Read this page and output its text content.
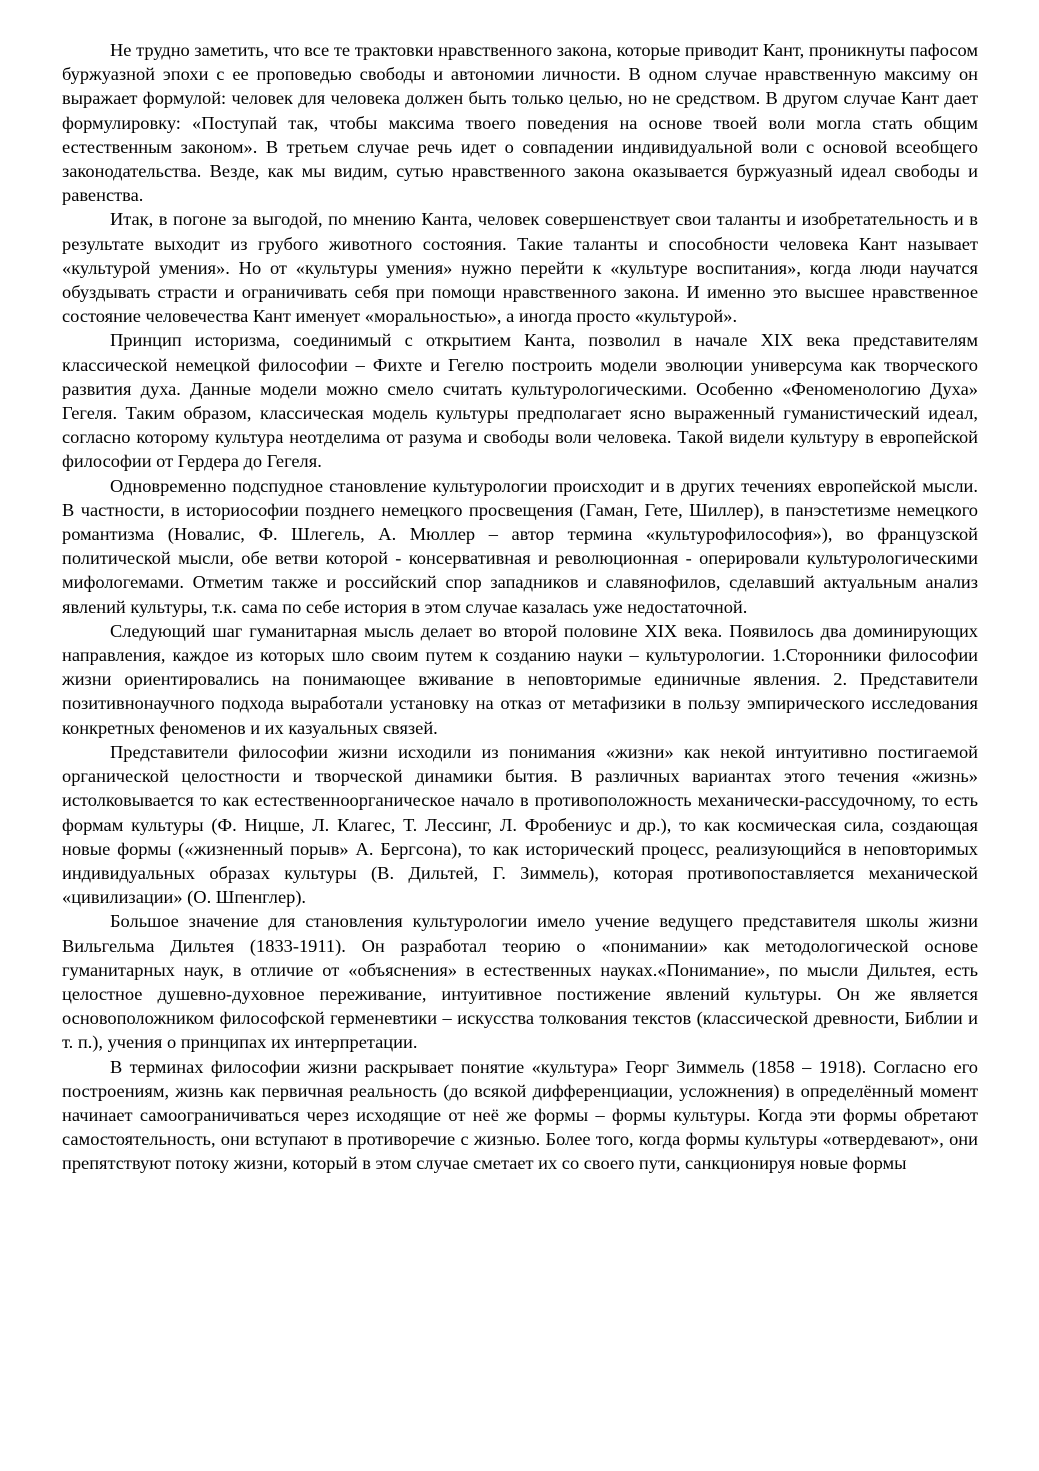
Не трудно заметить, что все те трактовки нравственного закона, которые приводит Кант, проникнуты пафосом буржуазной эпохи с ее проповедью свободы и автономии личности. В одном случае нравственную максиму он выражает формулой: человек для человека должен быть только целью, но не средством. В другом случае Кант дает формулировку: «Поступай так, чтобы максима твоего поведения на основе твоей воли могла стать общим естественным законом». В третьем случае речь идет о совпадении индивидуальной воли с основой всеобщего законодательства. Везде, как мы видим, сутью нравственного закона оказывается буржуазный идеал свободы и равенства.

Итак, в погоне за выгодой, по мнению Канта, человек совершенствует свои таланты и изобретательность и в результате выходит из грубого животного состояния. Такие таланты и способности человека Кант называет «культурой умения». Но от «культуры умения» нужно перейти к «культуре воспитания», когда люди научатся обуздывать страсти и ограничивать себя при помощи нравственного закона. И именно это высшее нравственное состояние человечества Кант именует «моральностью», а иногда просто «культурой».

Принцип историзма, соединимый с открытием Канта, позволил в начале XIX века представителям классической немецкой философии – Фихте и Гегелю построить модели эволюции универсума как творческого развития духа. Данные модели можно смело считать культурологическими. Особенно «Феноменологию Духа» Гегеля. Таким образом, классическая модель культуры предполагает ясно выраженный гуманистический идеал, согласно которому культура неотделима от разума и свободы воли человека. Такой видели культуру в европейской философии от Гердера до Гегеля.

Одновременно подспудное становление культурологии происходит и в других течениях европейской мысли. В частности, в историософии позднего немецкого просвещения (Гаман, Гете, Шиллер), в панэстетизме немецкого романтизма (Новалис, Ф. Шлегель, А. Мюллер – автор термина «культурофилософия»), во французской политической мысли, обе ветви которой - консервативная и революционная - оперировали культурологическими мифологемами. Отметим также и российский спор западников и славянофилов, сделавший актуальным анализ явлений культуры, т.к. сама по себе история в этом случае казалась уже недостаточной.

Следующий шаг гуманитарная мысль делает во второй половине XIX века. Появилось два доминирующих направления, каждое из которых шло своим путем к созданию науки – культурологии. 1.Сторонники философии жизни ориентировались на понимающее вживание в неповторимые единичные явления. 2. Представители позитивнонаучного подхода выработали установку на отказ от метафизики в пользу эмпирического исследования конкретных феноменов и их казуальных связей.

Представители философии жизни исходили из понимания «жизни» как некой интуитивно постигаемой органической целостности и творческой динамики бытия. В различных вариантах этого течения «жизнь» истолковывается то как естественноорганическое начало в противоположность механически-рассудочному, то есть формам культуры (Ф. Ницше, Л. Клагес, Т. Лессинг, Л. Фробениус и др.), то как космическая сила, создающая новые формы («жизненный порыв» А. Бергсона), то как исторический процесс, реализующийся в неповторимых индивидуальных образах культуры (В. Дильтей, Г. Зиммель), которая противопоставляется механической «цивилизации» (О. Шпенглер).

Большое значение для становления культурологии имело учение ведущего представителя школы жизни Вильгельма Дильтея (1833-1911). Он разработал теорию о «понимании» как методологической основе гуманитарных наук, в отличие от «объяснения» в естественных науках.«Понимание», по мысли Дильтея, есть целостное душевно-духовное переживание, интуитивное постижение явлений культуры. Он же является основоположником философской герменевтики – искусства толкования текстов (классической древности, Библии и т. п.), учения о принципах их интерпретации.

В терминах философии жизни раскрывает понятие «культура» Георг Зиммель (1858 – 1918). Согласно его построениям, жизнь как первичная реальность (до всякой дифференциации, усложнения) в определённый момент начинает самоограничиваться через исходящие от неё же формы – формы культуры. Когда эти формы обретают самостоятельность, они вступают в противоречие с жизнью. Более того, когда формы культуры «отвердевают», они препятствуют потоку жизни, который в этом случае сметает их со своего пути, санкционируя новые формы
